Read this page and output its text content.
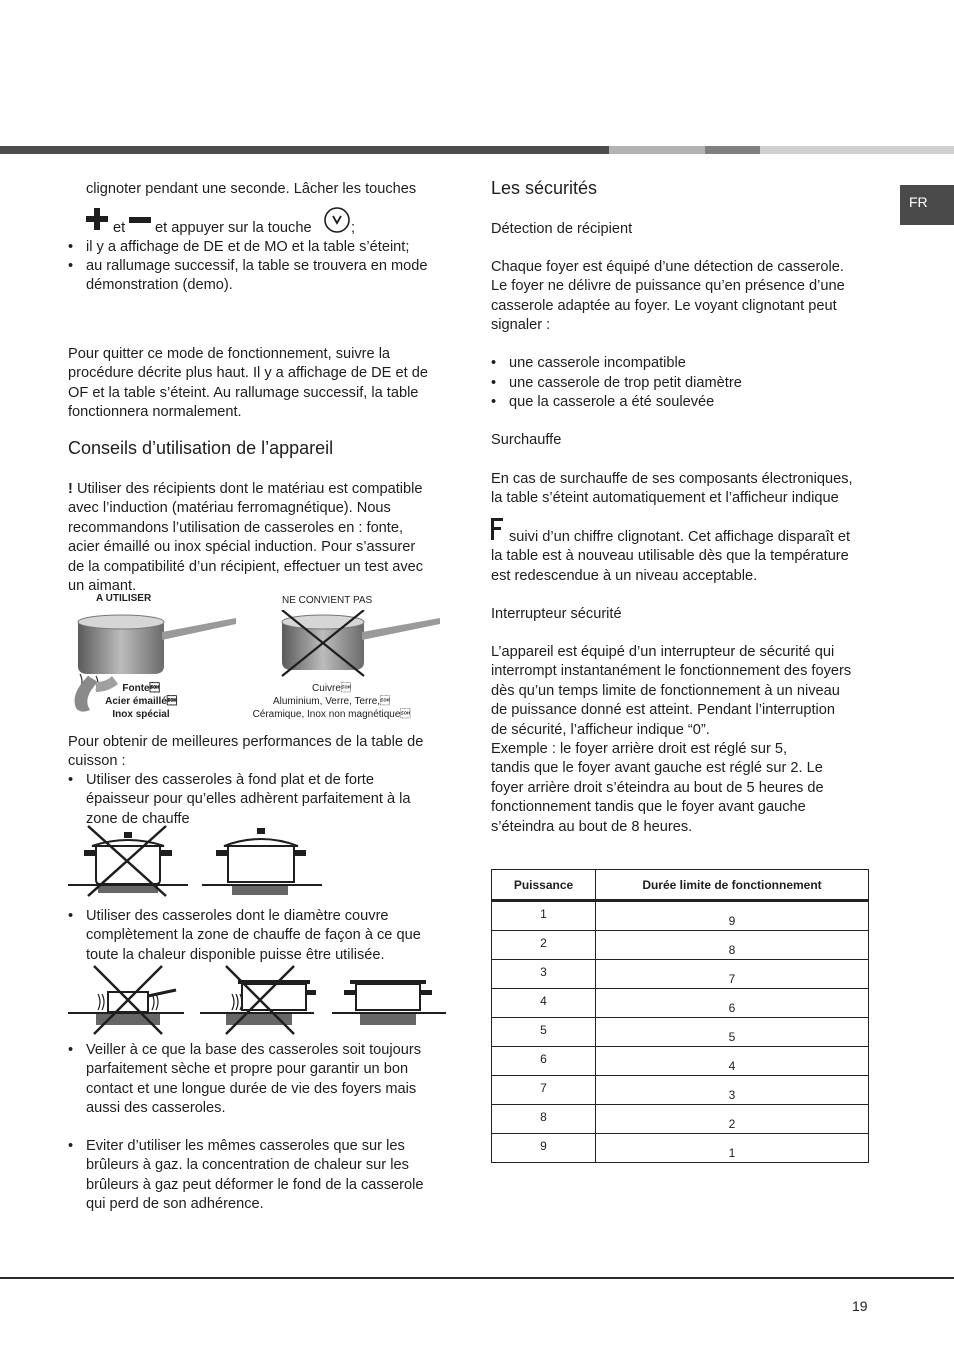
FR
clignoter pendant une seconde. Lâcher les touches
et et appuyer sur la touche	;
• il y a affichage de DE et de MO et la table s’éteint;
• au rallumage successif, la table se trouvera en mode
démonstration (demo).
Pour quitter ce mode de fonctionnement, suivre la
procédure décrite plus haut. Il y a affichage de DE et de
OF et la table s’éteint. Au rallumage successif, la table
fonctionnera normalement.
Conseils d’utilisation de l’appareil
! Utiliser des récipients dont le matériau est compatible
avec l’induction (matériau ferromagnétique). Nous
recommandons l’utilisation de casseroles en : fonte,
acier émaillé ou inox spécial induction. Pour s’assurer
de la compatibilité d’un récipient, effectuer un test avec
un aimant.
A UTILISER
Fonte
Acier émaillé
Inox spécial
NE CONVIENT PAS
Cuivre
Aluminium, Verre, Terre,
Céramique, Inox non magnétique
Pour obtenir de meilleures performances de la table de
cuisson :
• Utiliser des casseroles à fond plat et de forte
épaisseur pour qu’elles adhèrent parfaitement à la
zone de chauffe
• Utiliser des casseroles dont le diamètre couvre
complètement la zone de chauffe de façon à ce que
toute la chaleur disponible puisse être utilisée.
• Veiller à ce que la base des casseroles soit toujours
parfaitement sèche et propre pour garantir un bon
contact et une longue durée de vie des foyers mais
aussi des casseroles.
• Eviter d’utiliser les mêmes casseroles que sur les
brûleurs à gaz. la concentration de chaleur sur les
brûleurs à gaz peut déformer le fond de la casserole
qui perd de son adhérence.
Les sécurités
Détection de récipient
Chaque foyer est équipé d’une détection de casserole.
Le foyer ne délivre de puissance qu’en présence d’une
casserole adaptée au foyer. Le voyant clignotant peut
signaler :
• une casserole incompatible
• une casserole de trop petit diamètre
• que la casserole a été soulevée
Surchauffe
En cas de surchauffe de ses composants électroniques,
la table s’éteint automatiquement et l’afficheur indique
suivi d’un chiffre clignotant. Cet affichage disparaît et
la table est à nouveau utilisable dès que la température
est redescendue à un niveau acceptable.
Interrupteur sécurité
L’appareil est équipé d’un interrupteur de sécurité qui
interrompt instantanément le fonctionnement des foyers
dès qu’un temps limite de fonctionnement à un niveau
de puissance donné est atteint. Pendant l’interruption
de sécurité, l’afficheur indique “0”.
Exemple : le foyer arrière droit est réglé sur 5,
tandis que le foyer avant gauche est réglé sur 2. Le
foyer arrière droit s’éteindra au bout de 5 heures de
fonctionnement tandis que le foyer avant gauche
s’éteindra au bout de 8 heures.
Puissance	Durée limite de fonctionnement
1	9
2	8
3	7
4	6
5	5
6	4
7	3
8	2
9	1
19
